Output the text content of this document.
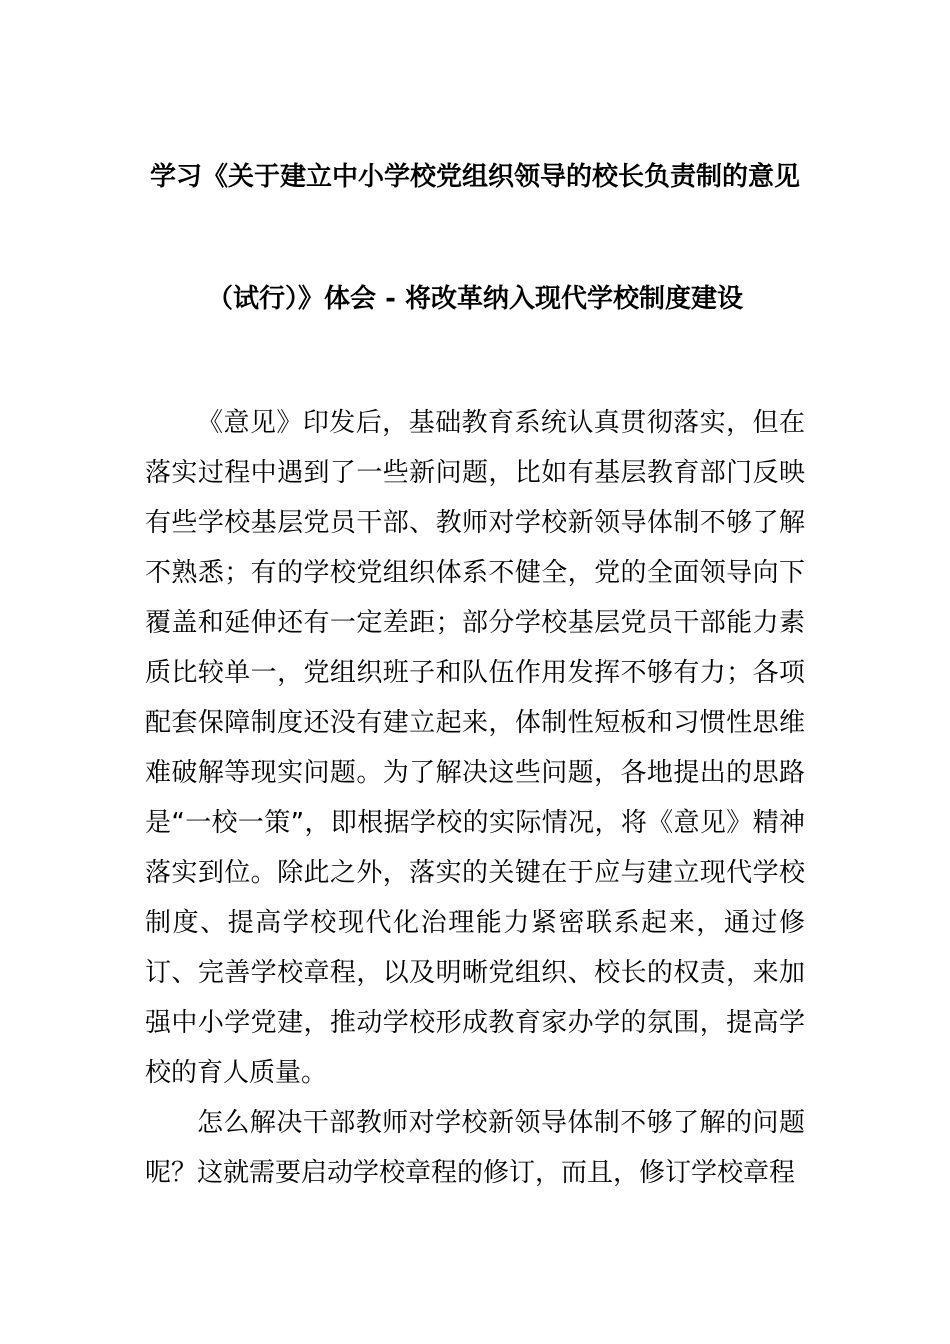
学习《关于建立中小学校党组织领导的校长负责制的意见
（试行）》体会 - 将改革纳入现代学校制度建设

《意见》印发后，基础教育系统认真贯彻落实，但在落实过程中遇到了一些新问题，比如有基层教育部门反映有些学校基层党员干部、教师对学校新领导体制不够了解不熟悉；有的学校党组织体系不健全，党的全面领导向下覆盖和延伸还有一定差距；部分学校基层党员干部能力素质比较单一，党组织班子和队伍作用发挥不够有力；各项配套保障制度还没有建立起来，体制性短板和习惯性思维难破解等现实问题。为了解决这些问题，各地提出的思路是“一校一策”，即根据学校的实际情况，将《意见》精神落实到位。除此之外，落实的关键在于应与建立现代学校制度、提高学校现代化治理能力紧密联系起来，通过修订、完善学校章程，以及明晰党组织、校长的权责，来加强中小学党建，推动学校形成教育家办学的氛围，提高学校的育人质量。

怎么解决干部教师对学校新领导体制不够了解的问题呢？这就需要启动学校章程的修订，而且，修订学校章程
